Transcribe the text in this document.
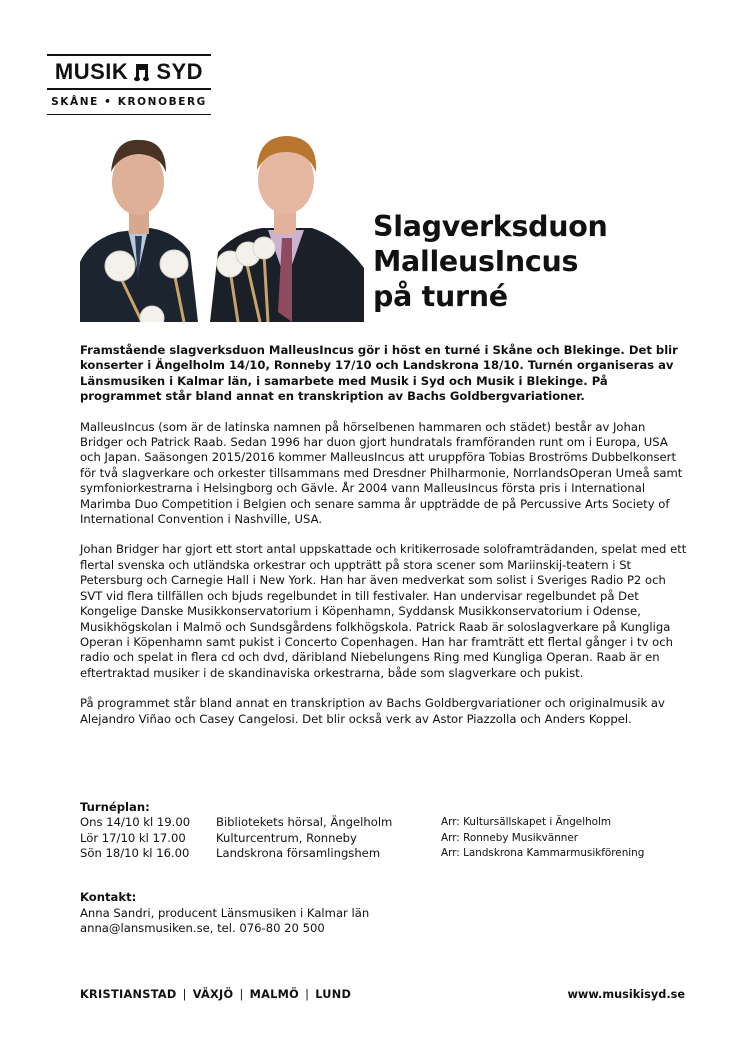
MUSIK SYD
SKÅNE • KRONOBERG
Slagverksduon
MalleusIncus
på turné

Framstående slagverksduon MalleusIncus gör i höst en turné i Skåne och Blekinge. Det blir konserter i Ängelholm 14/10, Ronneby 17/10 och Landskrona 18/10. Turnén organiseras av Länsmusiken i Kalmar län, i samarbete med Musik i Syd och Musik i Blekinge. På programmet står bland annat en transkription av Bachs Goldbergvariationer.

MalleusIncus (som är de latinska namnen på hörselbenen hammaren och städet) består av Johan Bridger och Patrick Raab. Sedan 1996 har duon gjort hundratals framföranden runt om i Europa, USA och Japan. Saäsongen 2015/2016 kommer MalleusIncus att uruppföra Tobias Broströms Dubbelkonsert för två slagverkare och orkester tillsammans med Dresdner Philharmonie, NorrlandsOperan Umeå samt symfoniorkestrarna i Helsingborg och Gävle. År 2004 vann MalleusIncus första pris i International Marimba Duo Competition i Belgien och senare samma år uppträdde de på Percussive Arts Society of International Convention i Nashville, USA.

Johan Bridger har gjort ett stort antal uppskattade och kritikerrosade soloframträdanden, spelat med ett flertal svenska och utländska orkestrar och uppträtt på stora scener som Mariinskij-teatern i St Petersburg och Carnegie Hall i New York. Han har även medverkat som solist i Sveriges Radio P2 och SVT vid flera tillfällen och bjuds regelbundet in till festivaler. Han undervisar regelbundet på Det Kongelige Danske Musikkonservatorium i Köpenhamn, Syddansk Musikkonservatorium i Odense, Musikhögskolan i Malmö och Sundsgårdens folkhögskola. Patrick Raab är soloslagverkare på Kungliga Operan i Köpenhamn samt pukist i Concerto Copenhagen. Han har framträtt ett flertal gånger i tv och radio och spelat in flera cd och dvd, däribland Niebelungens Ring med Kungliga Operan. Raab är en eftertraktad musiker i de skandinaviska orkestrarna, både som slagverkare och pukist.

På programmet står bland annat en transkription av Bachs Goldbergvariationer och originalmusik av Alejandro Viñao och Casey Cangelosi. Det blir också verk av Astor Piazzolla och Anders Koppel.

Turnéplan:
Ons 14/10 kl 19.00	Bibliotekets hörsal, Ängelholm	Arr: Kultursällskapet i Ängelholm
Lör 17/10 kl 17.00	Kulturcentrum, Ronneby	Arr: Ronneby Musikvänner
Sön 18/10 kl 16.00	Landskrona församlingshem	Arr: Landskrona Kammarmusikförening
Kontakt:
Anna Sandri, producent Länsmusiken i Kalmar län
anna@lansmusiken.se, tel. 076-80 20 500
KRISTIANSTAD | VÄXJÖ | MALMÖ | LUND	www.musikisyd.se
